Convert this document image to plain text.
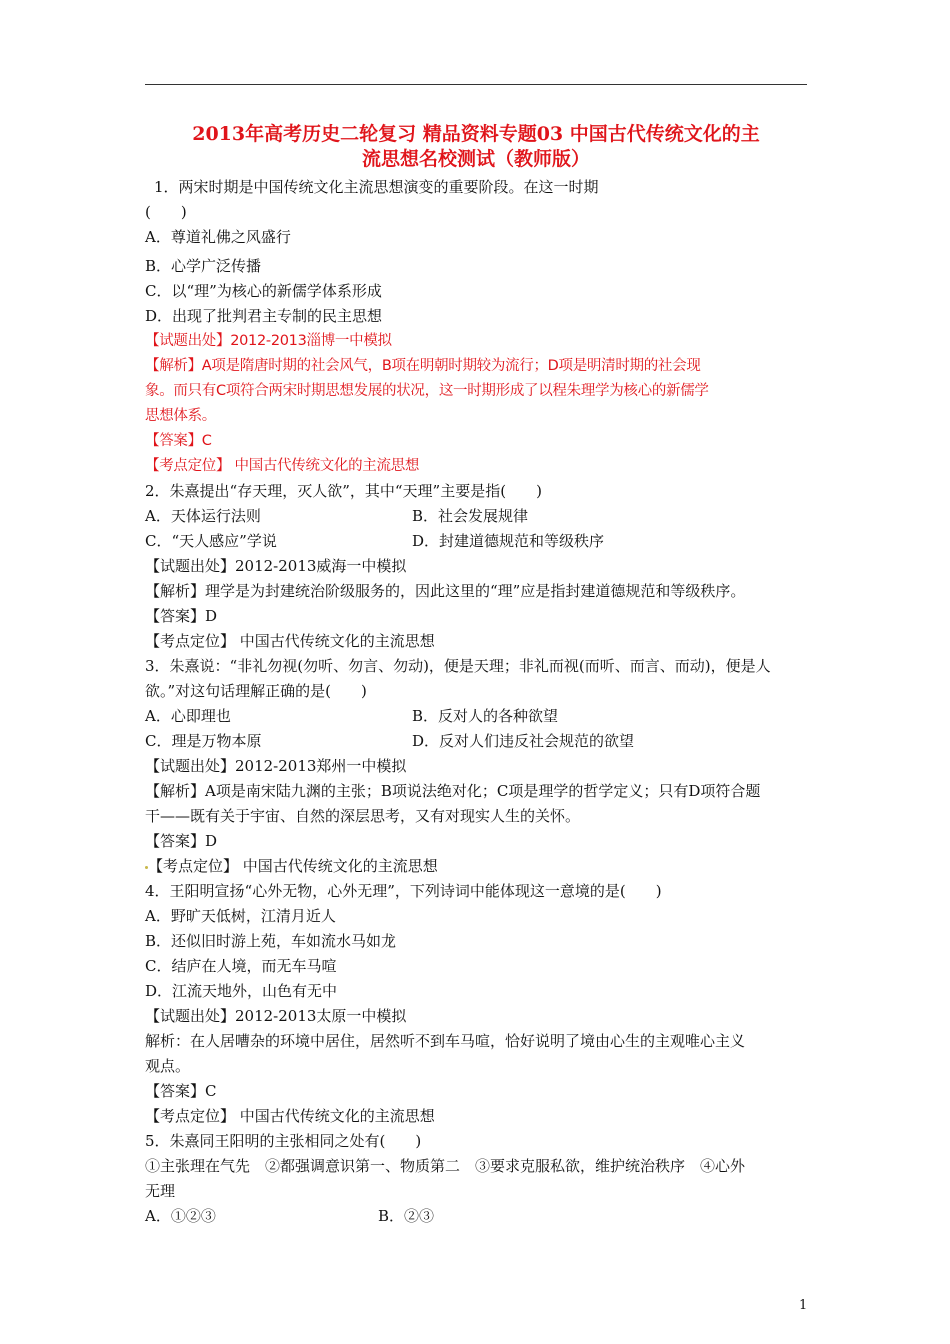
2013年高考历史二轮复习 精品资料专题03 中国古代传统文化的主
流思想名校测试（教师版）
1．两宋时期是中国传统文化主流思想演变的重要阶段。在这一时期
(　　)
A．尊道礼佛之风盛行
B．心学广泛传播
C．以“理”为核心的新儒学体系形成
D．出现了批判君主专制的民主思想
【试题出处】2012-2013淄博一中模拟
【解析】A项是隋唐时期的社会风气，B项在明朝时期较为流行；D项是明清时期的社会现
象。而只有C项符合两宋时期思想发展的状况，这一时期形成了以程朱理学为核心的新儒学
思想体系。
【答案】C
【考点定位】 中国古代传统文化的主流思想
2．朱熹提出“存天理，灭人欲”，其中“天理”主要是指(　　)
A．天体运行法则	B．社会发展规律
C．“天人感应”学说	D．封建道德规范和等级秩序
【试题出处】2012-2013威海一中模拟
【解析】理学是为封建统治阶级服务的，因此这里的“理”应是指封建道德规范和等级秩序。
【答案】D
【考点定位】 中国古代传统文化的主流思想
3．朱熹说：“非礼勿视(勿听、勿言、勿动)，便是天理；非礼而视(而听、而言、而动)，便是人
欲。”对这句话理解正确的是(　　)
A．心即理也	B．反对人的各种欲望
C．理是万物本原	D．反对人们违反社会规范的欲望
【试题出处】2012-2013郑州一中模拟
【解析】A项是南宋陆九渊的主张；B项说法绝对化；C项是理学的哲学定义；只有D项符合题
干——既有关于宇宙、自然的深层思考，又有对现实人生的关怀。
【答案】D
【考点定位】 中国古代传统文化的主流思想
4．王阳明宣扬“心外无物，心外无理”，下列诗词中能体现这一意境的是(　　)
A．野旷天低树，江清月近人
B．还似旧时游上苑，车如流水马如龙
C．结庐在人境，而无车马喧
D．江流天地外，山色有无中
【试题出处】2012-2013太原一中模拟
解析：在人居嘈杂的环境中居住，居然听不到车马喧，恰好说明了境由心生的主观唯心主义
观点。
【答案】C
【考点定位】 中国古代传统文化的主流思想
5．朱熹同王阳明的主张相同之处有(　　)
①主张理在气先　②都强调意识第一、物质第二　③要求克服私欲，维护统治秩序　④心外
无理
A．①②③	B．②③
1
